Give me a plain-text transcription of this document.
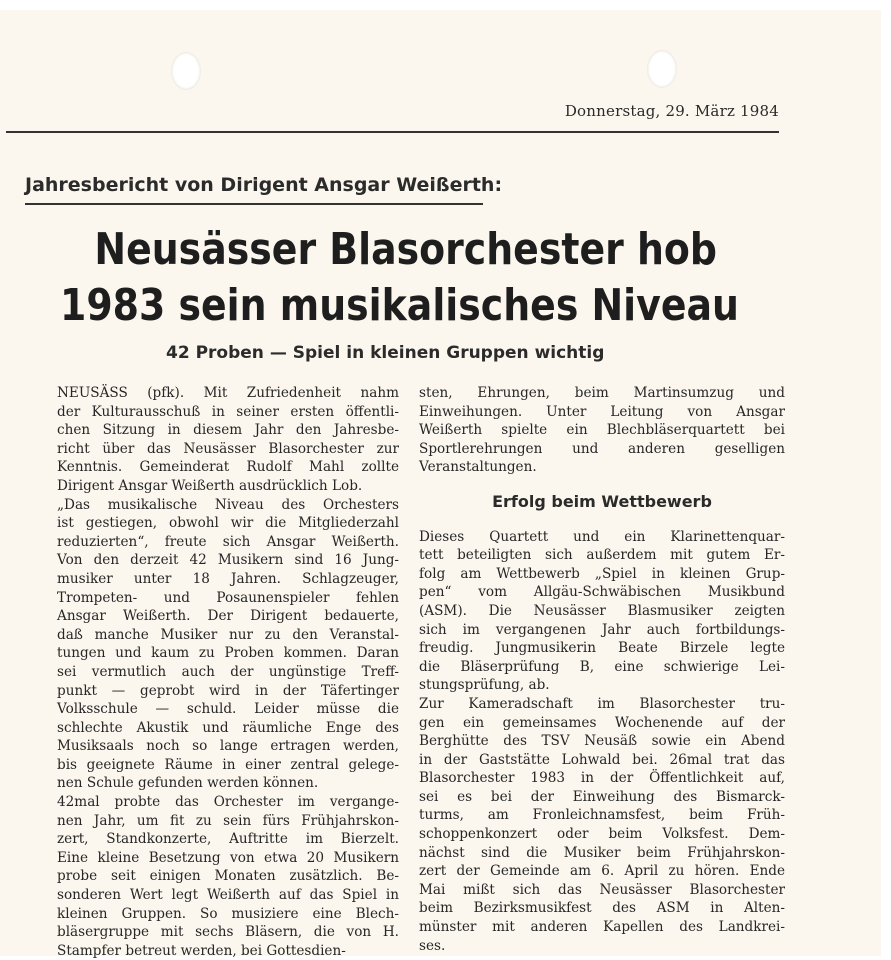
Donnerstag, 29. März 1984
Jahresbericht von Dirigent Ansgar Weißerth:
Neusässer Blasorchester hob
1983 sein musikalisches Niveau
42 Proben — Spiel in kleinen Gruppen wichtig
NEUSÄSS (pfk). Mit Zufriedenheit nahm
der Kulturausschuß in seiner ersten öffentli-
chen Sitzung in diesem Jahr den Jahresbe-
richt über das Neusässer Blasorchester zur
Kenntnis. Gemeinderat Rudolf Mahl zollte
Dirigent Ansgar Weißerth ausdrücklich Lob.
„Das musikalische Niveau des Orchesters
ist gestiegen, obwohl wir die Mitgliederzahl
reduzierten“, freute sich Ansgar Weißerth.
Von den derzeit 42 Musikern sind 16 Jung-
musiker unter 18 Jahren. Schlagzeuger,
Trompeten- und Posaunenspieler fehlen
Ansgar Weißerth. Der Dirigent bedauerte,
daß manche Musiker nur zu den Veranstal-
tungen und kaum zu Proben kommen. Daran
sei vermutlich auch der ungünstige Treff-
punkt — geprobt wird in der Täfertinger
Volksschule — schuld. Leider müsse die
schlechte Akustik und räumliche Enge des
Musiksaals noch so lange ertragen werden,
bis geeignete Räume in einer zentral gelege-
nen Schule gefunden werden können.
42mal probte das Orchester im vergange-
nen Jahr, um fit zu sein fürs Frühjahrskon-
zert, Standkonzerte, Auftritte im Bierzelt.
Eine kleine Besetzung von etwa 20 Musikern
probe seit einigen Monaten zusätzlich. Be-
sonderen Wert legt Weißerth auf das Spiel in
kleinen Gruppen. So musiziere eine Blech-
bläsergruppe mit sechs Bläsern, die von H.
Stampfer betreut werden, bei Gottesdien-
sten, Ehrungen, beim Martinsumzug und
Einweihungen. Unter Leitung von Ansgar
Weißerth spielte ein Blechbläserquartett bei
Sportlerehrungen und anderen geselligen
Veranstaltungen.
Erfolg beim Wettbewerb
Dieses Quartett und ein Klarinettenquar-
tett beteiligten sich außerdem mit gutem Er-
folg am Wettbewerb „Spiel in kleinen Grup-
pen“ vom Allgäu-Schwäbischen Musikbund
(ASM). Die Neusässer Blasmusiker zeigten
sich im vergangenen Jahr auch fortbildungs-
freudig. Jungmusikerin Beate Birzele legte
die Bläserprüfung B, eine schwierige Lei-
stungsprüfung, ab.
Zur Kameradschaft im Blasorchester tru-
gen ein gemeinsames Wochenende auf der
Berghütte des TSV Neusäß sowie ein Abend
in der Gaststätte Lohwald bei. 26mal trat das
Blasorchester 1983 in der Öffentlichkeit auf,
sei es bei der Einweihung des Bismarck-
turms, am Fronleichnamsfest, beim Früh-
schoppenkonzert oder beim Volksfest. Dem-
nächst sind die Musiker beim Frühjahrskon-
zert der Gemeinde am 6. April zu hören. Ende
Mai mißt sich das Neusässer Blasorchester
beim Bezirksmusikfest des ASM in Alten-
münster mit anderen Kapellen des Landkrei-
ses.
